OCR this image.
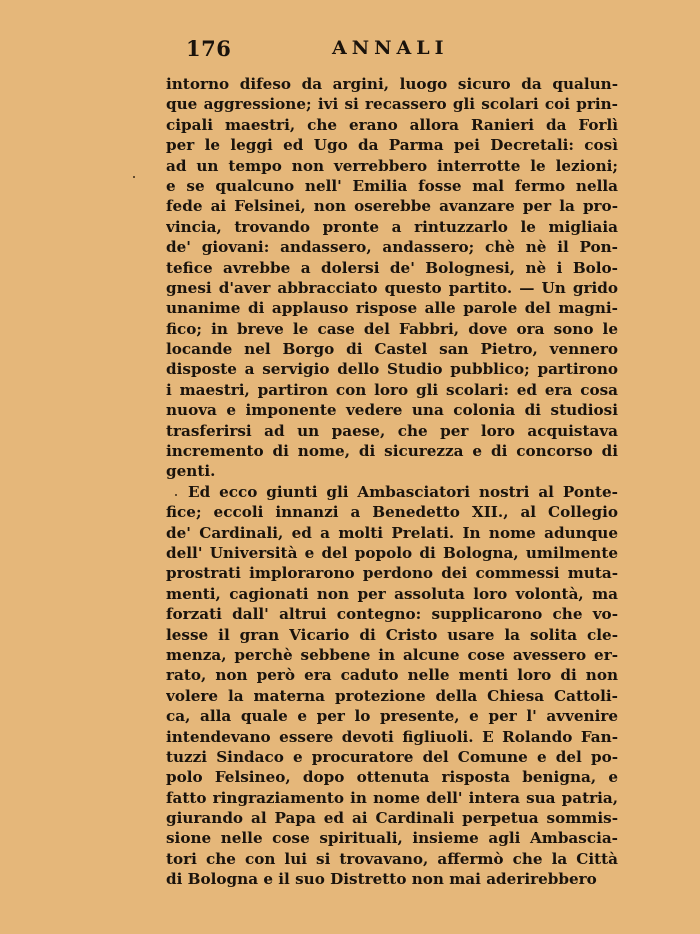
176	ANNALI
intorno difeso da argini, luogo sicuro da qualun-
que aggressione; ivi si recassero gli scolari coi prin-
cipali maestri, che erano allora Ranieri da Forlì
per le leggi ed Ugo da Parma pei Decretali: così
ad un tempo non verrebbero interrotte le lezioni;
e se qualcuno nell' Emilia fosse mal fermo nella
fede ai Felsinei, non oserebbe avanzare per la pro-
vincia, trovando pronte a rintuzzarlo le migliaia
de' giovani: andassero, andassero; chè nè il Pon-
tefice avrebbe a dolersi de' Bolognesi, nè i Bolo-
gnesi d'aver abbracciato questo partito. — Un grido
unanime di applauso rispose alle parole del magni-
fico; in breve le case del Fabbri, dove ora sono le
locande nel Borgo di Castel san Pietro, vennero
disposte a servigio dello Studio pubblico; partirono
i maestri, partiron con loro gli scolari: ed era cosa
nuova e imponente vedere una colonia di studiosi
trasferirsi ad un paese, che per loro acquistava
incremento di nome, di sicurezza e di concorso di
genti.
Ed ecco giunti gli Ambasciatori nostri al Ponte-
fice; eccoli innanzi a Benedetto XII., al Collegio
de' Cardinali, ed a molti Prelati. In nome adunque
dell' Università e del popolo di Bologna, umilmente
prostrati implorarono perdono dei commessi muta-
menti, cagionati non per assoluta loro volontà, ma
forzati dall' altrui contegno: supplicarono che vo-
lesse il gran Vicario di Cristo usare la solita cle-
menza, perchè sebbene in alcune cose avessero er-
rato, non però era caduto nelle menti loro di non
volere la materna protezione della Chiesa Cattoli-
ca, alla quale e per lo presente, e per l' avvenire
intendevano essere devoti figliuoli. E Rolando Fan-
tuzzi Sindaco e procuratore del Comune e del po-
polo Felsineo, dopo ottenuta risposta benigna, e
fatto ringraziamento in nome dell' intera sua patria,
giurando al Papa ed ai Cardinali perpetua sommis-
sione nelle cose spirituali, insieme agli Ambascia-
tori che con lui si trovavano, affermò che la Città
di Bologna e il suo Distretto non mai aderirebbero
